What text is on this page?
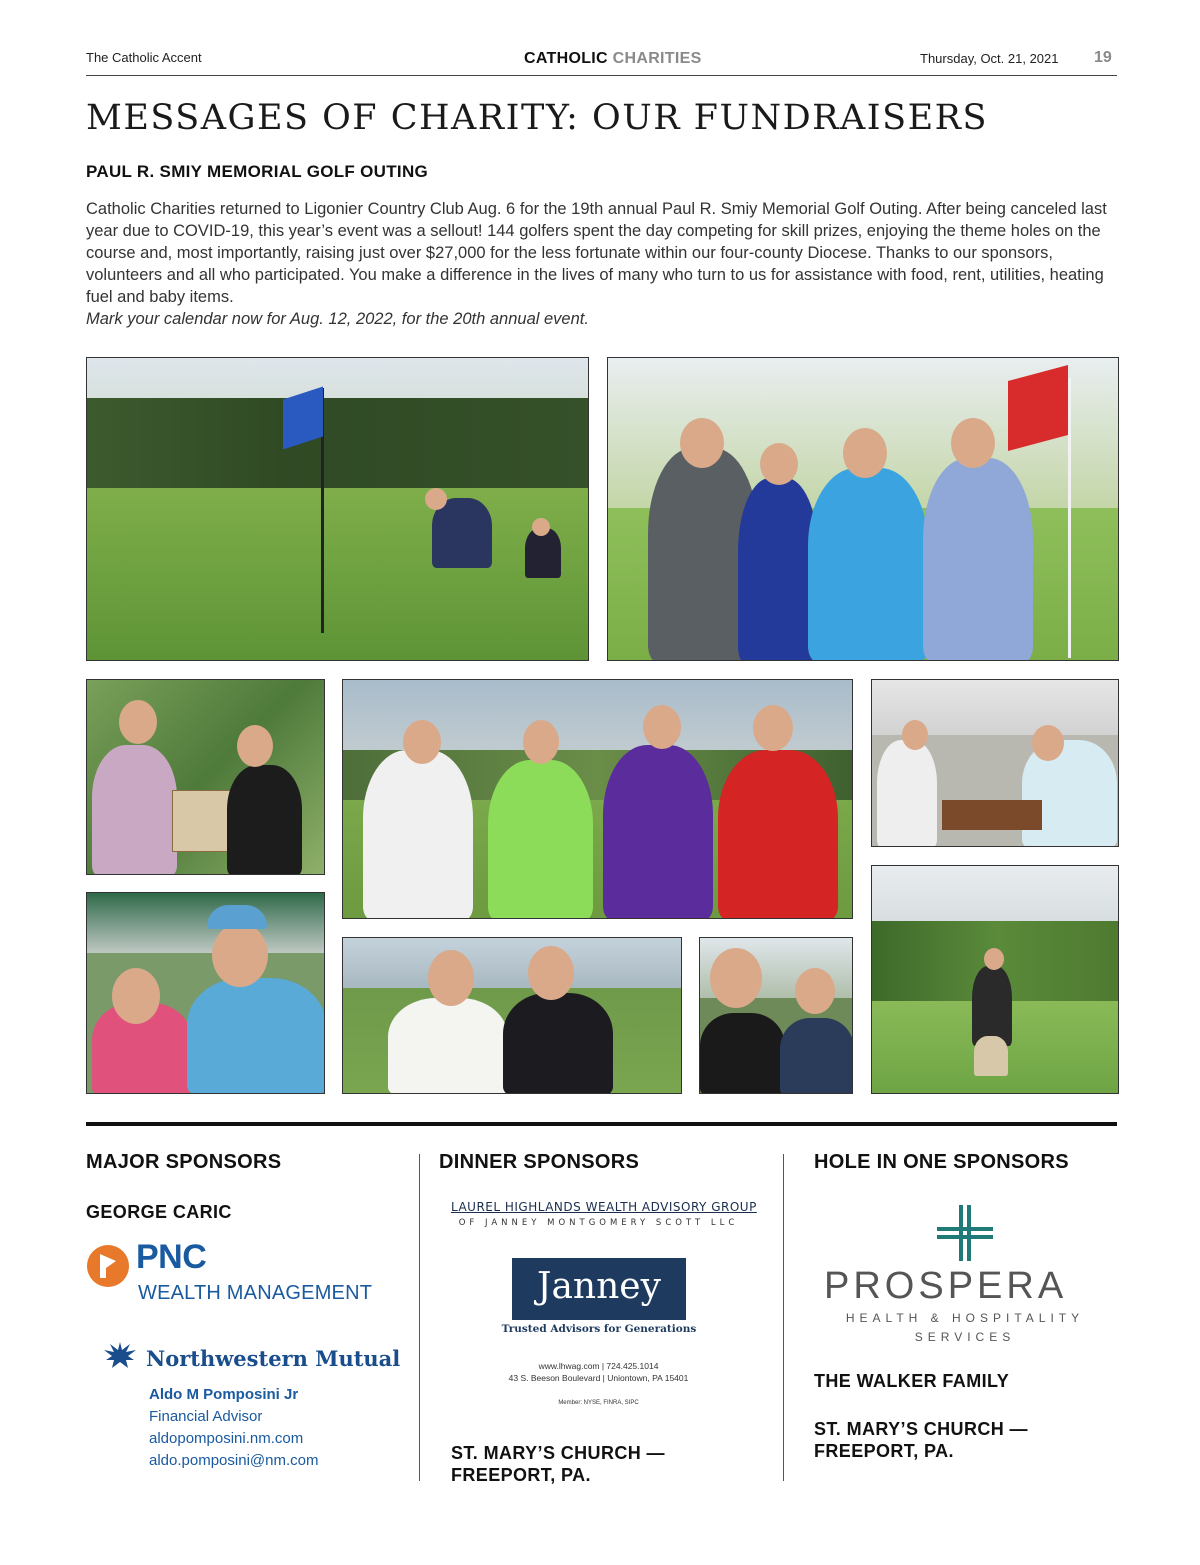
The Catholic Accent	CATHOLIC CHARITIES	Thursday, Oct. 21, 2021 19
MESSAGES OF CHARITY: OUR FUNDRAISERS
PAUL R. SMIY MEMORIAL GOLF OUTING

Catholic Charities returned to Ligonier Country Club Aug. 6 for the 19th annual Paul R. Smiy Memorial Golf Outing. After being canceled last year due to COVID-19, this year’s event was a sellout! 144 golfers spent the day competing for skill prizes, enjoying the theme holes on the course and, most importantly, raising just over $27,000 for the less fortunate within our four-county Diocese. Thanks to our sponsors, volunteers and all who participated. You make a difference in the lives of many who turn to us for assistance with food, rent, utilities, heating fuel and baby items.

Mark your calendar now for Aug. 12, 2022, for the 20th annual event.

MAJOR SPONSORS
GEORGE CARIC
PNC
WEALTH MANAGEMENT
Northwestern Mutual
Aldo M Pomposini Jr
Financial Advisor
aldopomposini.nm.com
aldo.pomposini@nm.com
DINNER SPONSORS
LAUREL HIGHLANDS WEALTH ADVISORY GROUP
OF JANNEY MONTGOMERY SCOTT LLC
Janney
Trusted Advisors for Generations
www.lhwag.com | 724.425.1014
43 S. Beeson Boulevard | Uniontown, PA 15401
Member: NYSE, FINRA, SIPC
ST. MARY’S CHURCH —
FREEPORT, PA.
HOLE IN ONE SPONSORS
PROSPERA
HEALTH & HOSPITALITY
SERVICES
THE WALKER FAMILY
ST. MARY’S CHURCH —
FREEPORT, PA.
